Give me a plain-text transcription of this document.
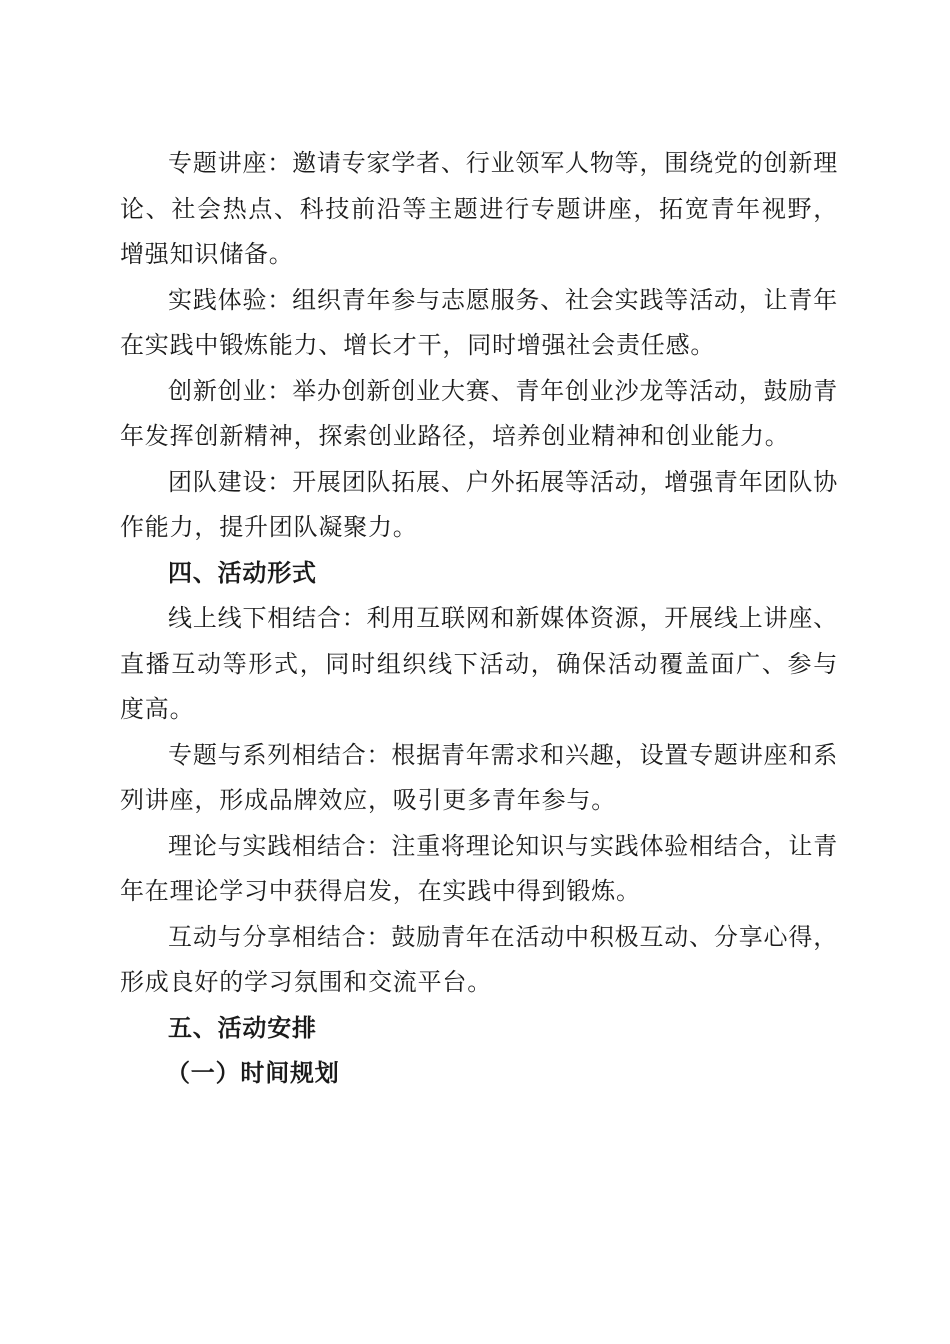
专题讲座：邀请专家学者、行业领军人物等，围绕党的创新理论、社会热点、科技前沿等主题进行专题讲座，拓宽青年视野，增强知识储备。

实践体验：组织青年参与志愿服务、社会实践等活动，让青年在实践中锻炼能力、增长才干，同时增强社会责任感。

创新创业：举办创新创业大赛、青年创业沙龙等活动，鼓励青年发挥创新精神，探索创业路径，培养创业精神和创业能力。

团队建设：开展团队拓展、户外拓展等活动，增强青年团队协作能力，提升团队凝聚力。

四、活动形式

线上线下相结合：利用互联网和新媒体资源，开展线上讲座、直播互动等形式，同时组织线下活动，确保活动覆盖面广、参与度高。

专题与系列相结合：根据青年需求和兴趣，设置专题讲座和系列讲座，形成品牌效应，吸引更多青年参与。

理论与实践相结合：注重将理论知识与实践体验相结合，让青年在理论学习中获得启发，在实践中得到锻炼。

互动与分享相结合：鼓励青年在活动中积极互动、分享心得，形成良好的学习氛围和交流平台。

五、活动安排

（一）时间规划
